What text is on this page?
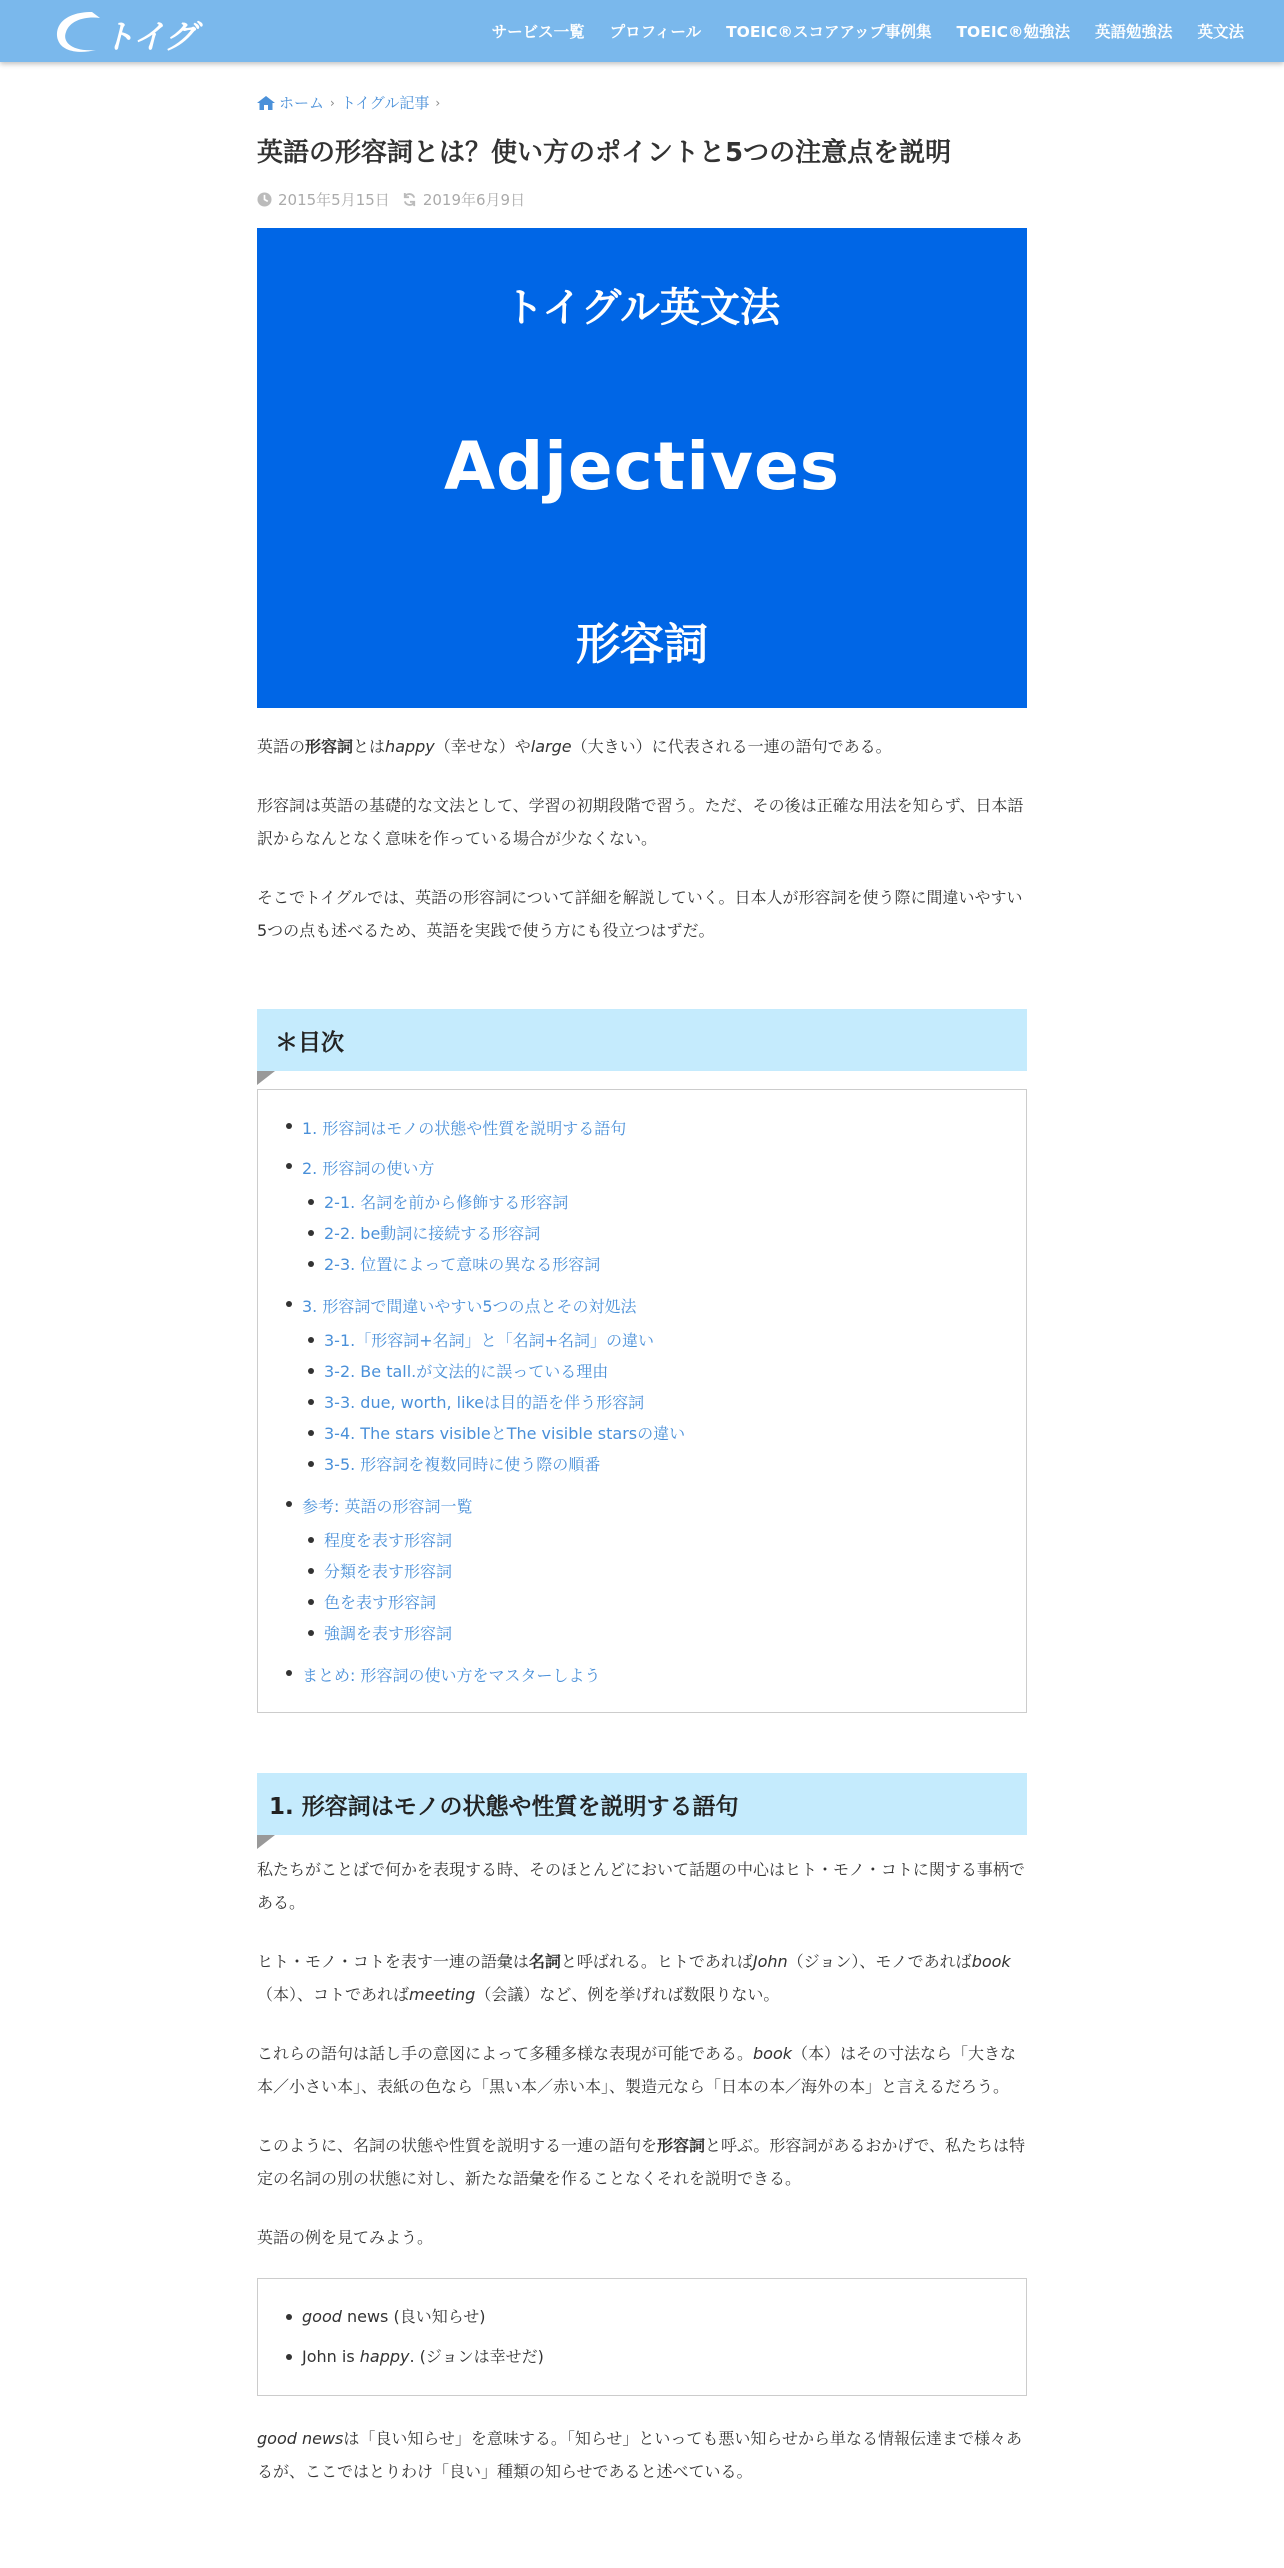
トイグル
サービス一覧 プロフィール TOEIC®スコアアップ事例集 TOEIC®勉強法 英語勉強法 英文法
ホーム › トイグル記事 ›
英語の形容詞とは？使い方のポイントと5つの注意点を説明
2015年5月15日 2019年6月9日
トイグル英文法
Adjectives
形容詞

英語の形容詞とはhappy（幸せな）やlarge（大きい）に代表される一連の語句である。

形容詞は英語の基礎的な文法として、学習の初期段階で習う。ただ、その後は正確な用法を知らず、日本語訳からなんとなく意味を作っている場合が少なくない。

そこでトイグルでは、英語の形容詞について詳細を解説していく。日本人が形容詞を使う際に間違いやすい5つの点も述べるため、英語を実践で使う方にも役立つはずだ。

＊目次
1. 形容詞はモノの状態や性質を説明する語句
2. 形容詞の使い方
2-1. 名詞を前から修飾する形容詞
2-2. be動詞に接続する形容詞
2-3. 位置によって意味の異なる形容詞
3. 形容詞で間違いやすい5つの点とその対処法
3-1.「形容詞+名詞」と「名詞+名詞」の違い
3-2. Be tall.が文法的に誤っている理由
3-3. due, worth, likeは目的語を伴う形容詞
3-4. The stars visibleとThe visible starsの違い
3-5. 形容詞を複数同時に使う際の順番
参考: 英語の形容詞一覧
程度を表す形容詞
分類を表す形容詞
色を表す形容詞
強調を表す形容詞
まとめ: 形容詞の使い方をマスターしよう
1. 形容詞はモノの状態や性質を説明する語句

私たちがことばで何かを表現する時、そのほとんどにおいて話題の中心はヒト・モノ・コトに関する事柄である。

ヒト・モノ・コトを表す一連の語彙は名詞と呼ばれる。ヒトであればJohn（ジョン）、モノであればbook（本）、コトであればmeeting（会議）など、例を挙げれば数限りない。

これらの語句は話し手の意図によって多種多様な表現が可能である。book（本）はその寸法なら「大きな本／小さい本」、表紙の色なら「黒い本／赤い本」、製造元なら「日本の本／海外の本」と言えるだろう。

このように、名詞の状態や性質を説明する一連の語句を形容詞と呼ぶ。形容詞があるおかげで、私たちは特定の名詞の別の状態に対し、新たな語彙を作ることなくそれを説明できる。

英語の例を見てみよう。

good news (良い知らせ)
John is happy. (ジョンは幸せだ)

good newsは「良い知らせ」を意味する。「知らせ」といっても悪い知らせから単なる情報伝達まで様々あるが、ここではとりわけ「良い」種類の知らせであると述べている。
